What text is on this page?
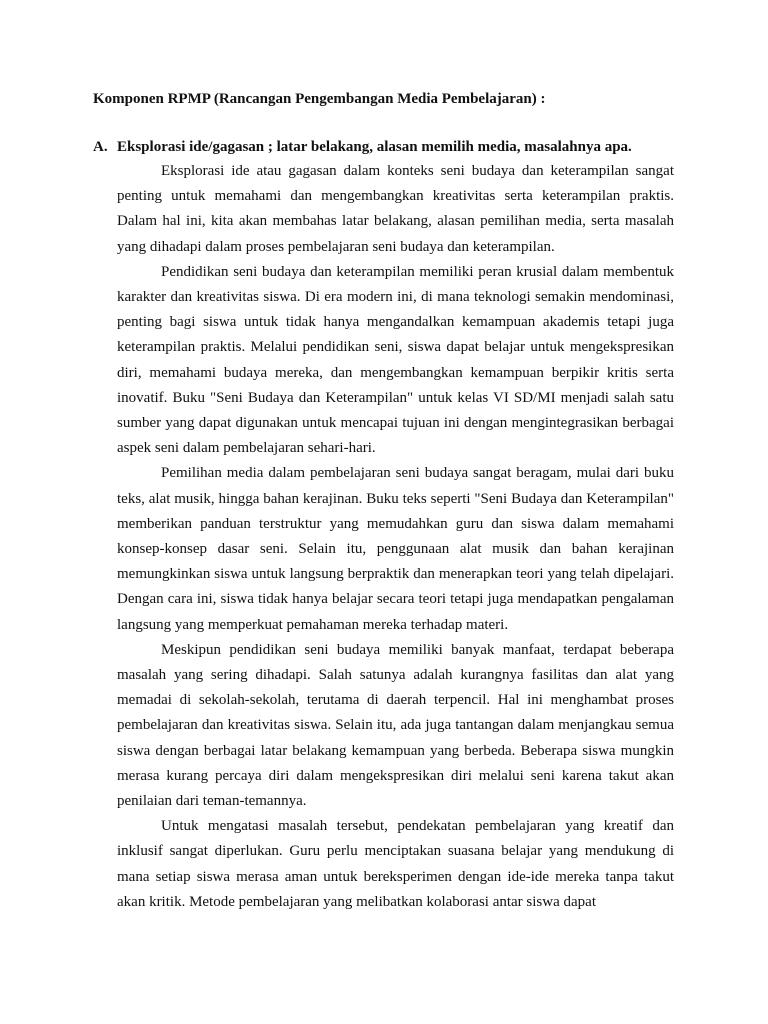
Komponen RPMP (Rancangan Pengembangan Media Pembelajaran) :
A. Eksplorasi ide/gagasan ; latar belakang, alasan memilih media, masalahnya apa.

Eksplorasi ide atau gagasan dalam konteks seni budaya dan keterampilan sangat penting untuk memahami dan mengembangkan kreativitas serta keterampilan praktis. Dalam hal ini, kita akan membahas latar belakang, alasan pemilihan media, serta masalah yang dihadapi dalam proses pembelajaran seni budaya dan keterampilan.

Pendidikan seni budaya dan keterampilan memiliki peran krusial dalam membentuk karakter dan kreativitas siswa. Di era modern ini, di mana teknologi semakin mendominasi, penting bagi siswa untuk tidak hanya mengandalkan kemampuan akademis tetapi juga keterampilan praktis. Melalui pendidikan seni, siswa dapat belajar untuk mengekspresikan diri, memahami budaya mereka, dan mengembangkan kemampuan berpikir kritis serta inovatif. Buku "Seni Budaya dan Keterampilan" untuk kelas VI SD/MI menjadi salah satu sumber yang dapat digunakan untuk mencapai tujuan ini dengan mengintegrasikan berbagai aspek seni dalam pembelajaran sehari-hari.

Pemilihan media dalam pembelajaran seni budaya sangat beragam, mulai dari buku teks, alat musik, hingga bahan kerajinan. Buku teks seperti "Seni Budaya dan Keterampilan" memberikan panduan terstruktur yang memudahkan guru dan siswa dalam memahami konsep-konsep dasar seni. Selain itu, penggunaan alat musik dan bahan kerajinan memungkinkan siswa untuk langsung berpraktik dan menerapkan teori yang telah dipelajari. Dengan cara ini, siswa tidak hanya belajar secara teori tetapi juga mendapatkan pengalaman langsung yang memperkuat pemahaman mereka terhadap materi.

Meskipun pendidikan seni budaya memiliki banyak manfaat, terdapat beberapa masalah yang sering dihadapi. Salah satunya adalah kurangnya fasilitas dan alat yang memadai di sekolah-sekolah, terutama di daerah terpencil. Hal ini menghambat proses pembelajaran dan kreativitas siswa. Selain itu, ada juga tantangan dalam menjangkau semua siswa dengan berbagai latar belakang kemampuan yang berbeda. Beberapa siswa mungkin merasa kurang percaya diri dalam mengekspresikan diri melalui seni karena takut akan penilaian dari teman-temannya.

Untuk mengatasi masalah tersebut, pendekatan pembelajaran yang kreatif dan inklusif sangat diperlukan. Guru perlu menciptakan suasana belajar yang mendukung di mana setiap siswa merasa aman untuk bereksperimen dengan ide-ide mereka tanpa takut akan kritik. Metode pembelajaran yang melibatkan kolaborasi antar siswa dapat
